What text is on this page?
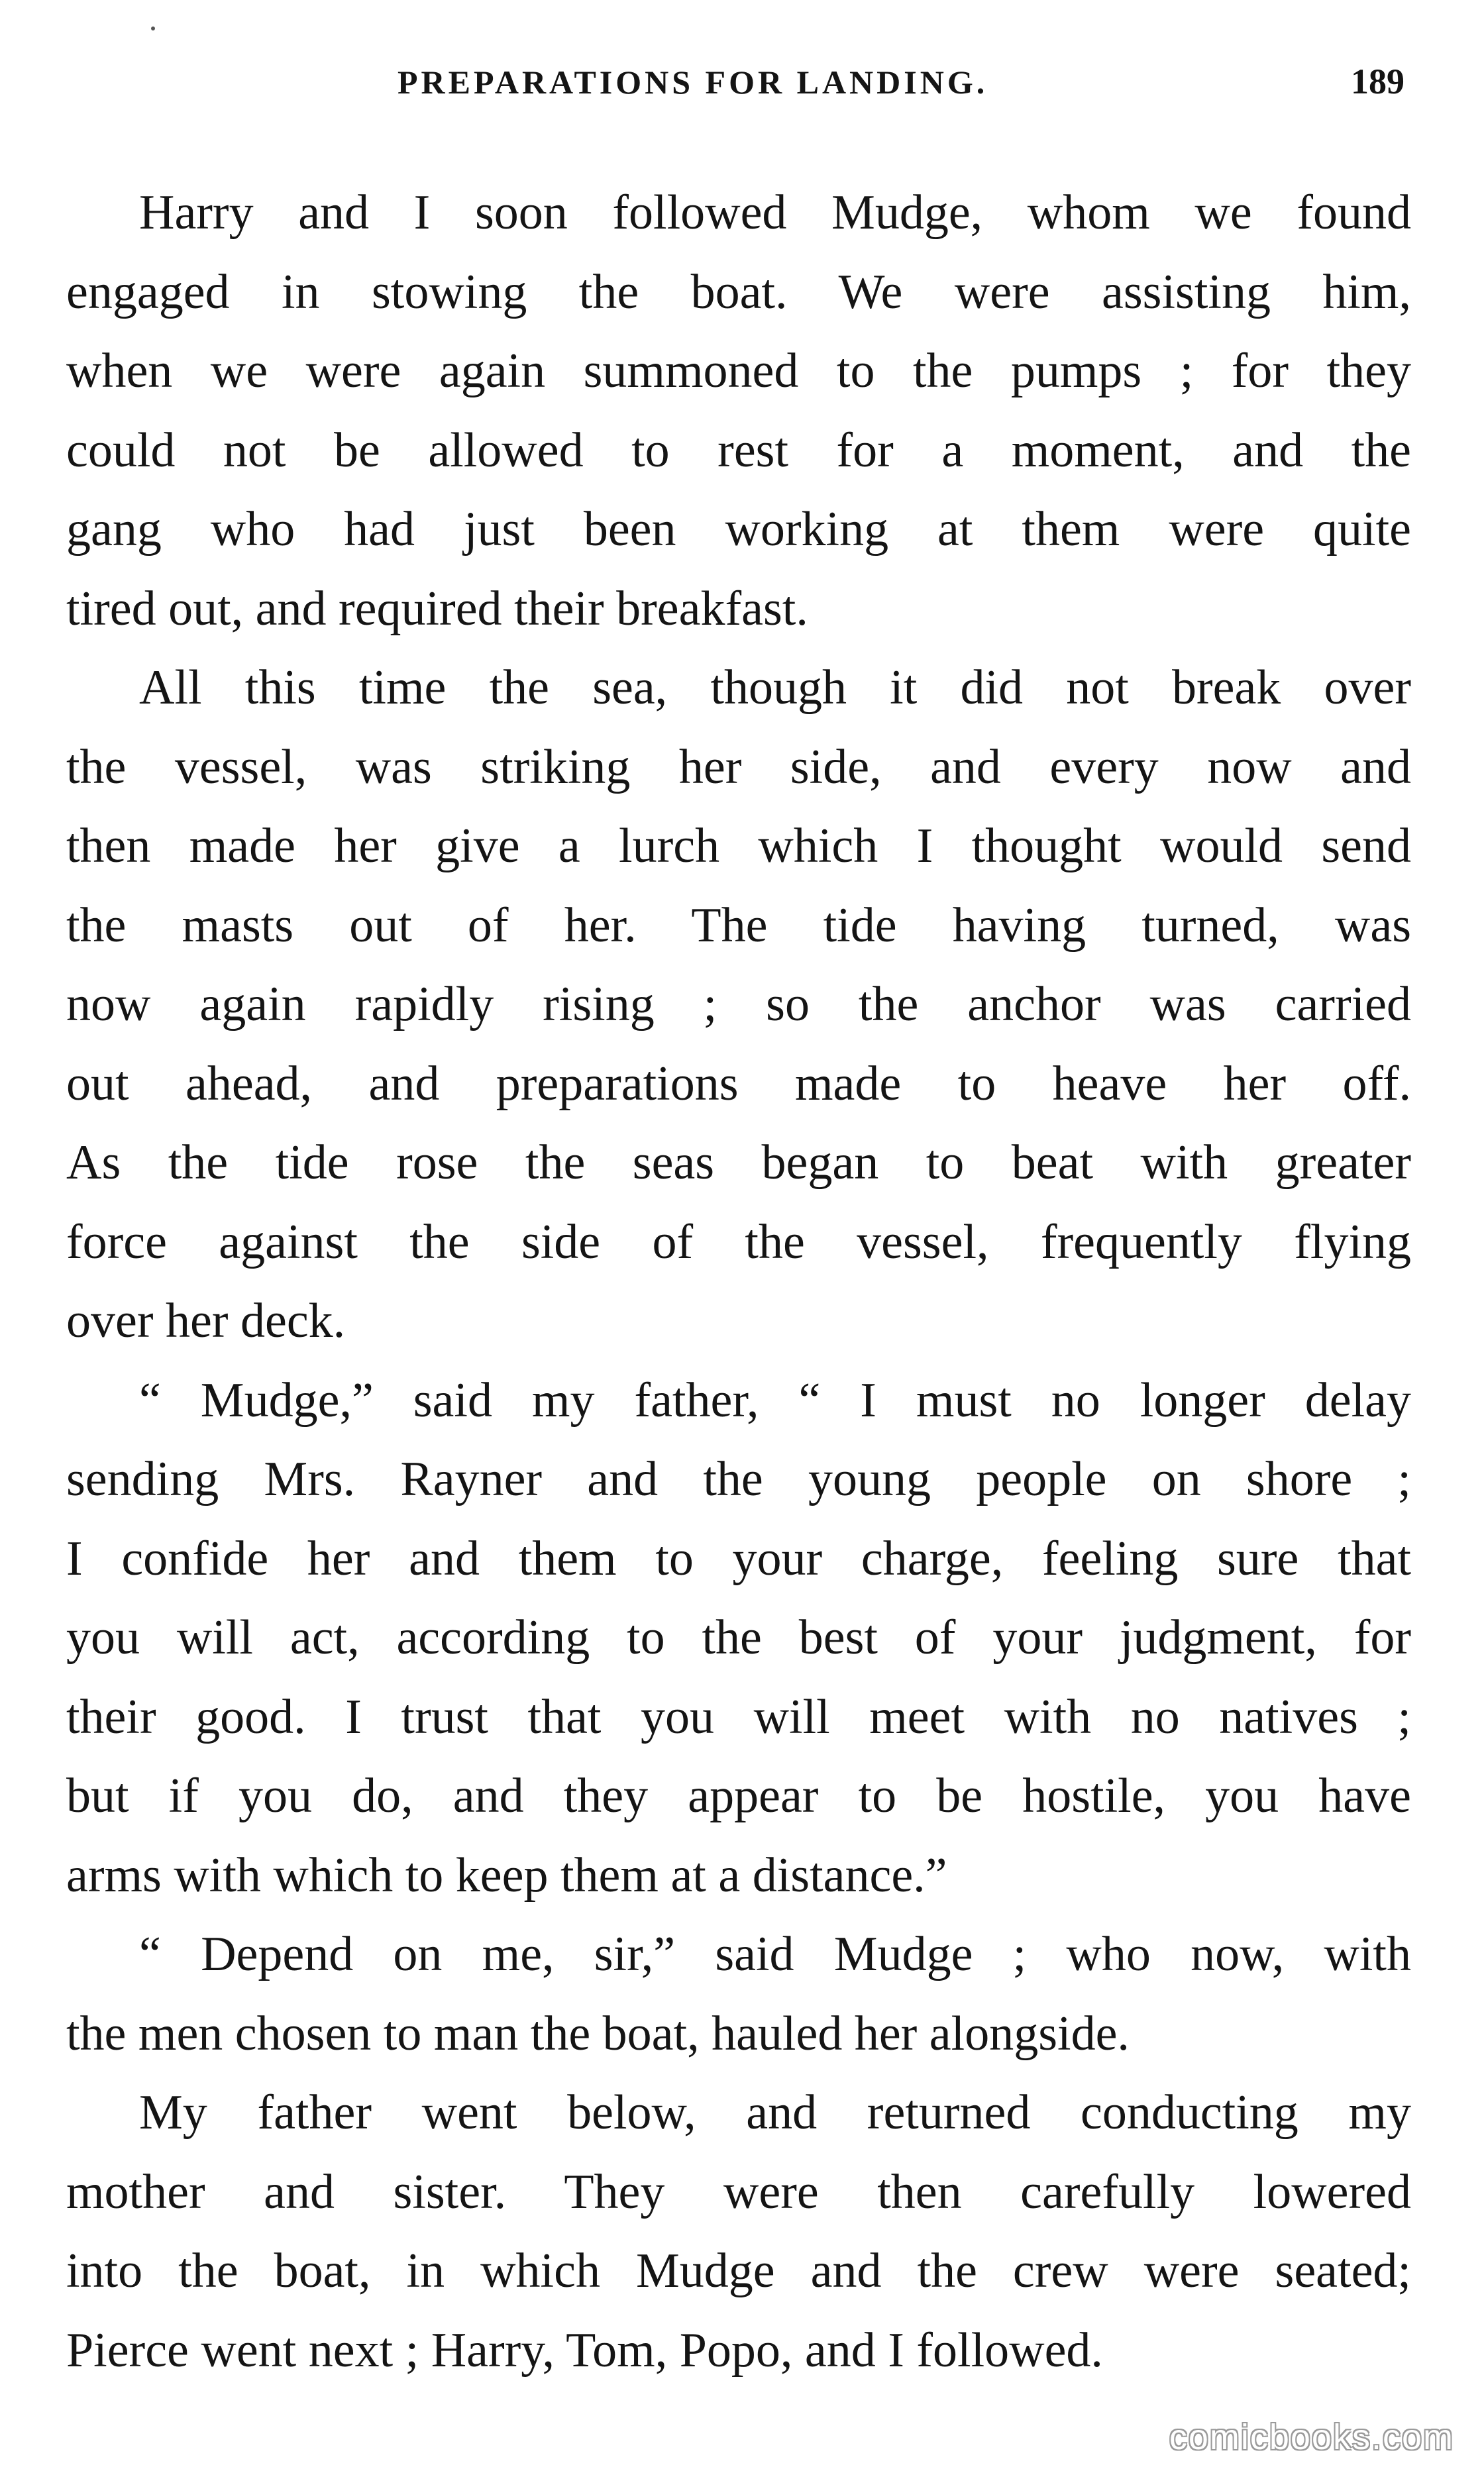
PREPARATIONS FOR LANDING.	189
Harry and I soon followed Mudge, whom we found
engaged in stowing the boat. We were assisting him,
when we were again summoned to the pumps ; for they
could not be allowed to rest for a moment, and the
gang who had just been working at them were quite
tired out, and required their breakfast.
All this time the sea, though it did not break over
the vessel, was striking her side, and every now and
then made her give a lurch which I thought would send
the masts out of her. The tide having turned, was
now again rapidly rising ; so the anchor was carried
out ahead, and preparations made to heave her off.
As the tide rose the seas began to beat with greater
force against the side of the vessel, frequently flying
over her deck.
“ Mudge,” said my father, “ I must no longer delay
sending Mrs. Rayner and the young people on shore ;
I confide her and them to your charge, feeling sure that
you will act, according to the best of your judgment, for
their good. I trust that you will meet with no natives ;
but if you do, and they appear to be hostile, you have
arms with which to keep them at a distance.”
“ Depend on me, sir,” said Mudge ; who now, with
the men chosen to man the boat, hauled her alongside.
My father went below, and returned conducting my
mother and sister. They were then carefully lowered
into the boat, in which Mudge and the crew were seated;
Pierce went next ; Harry, Tom, Popo, and I followed.
comicbooks.com
